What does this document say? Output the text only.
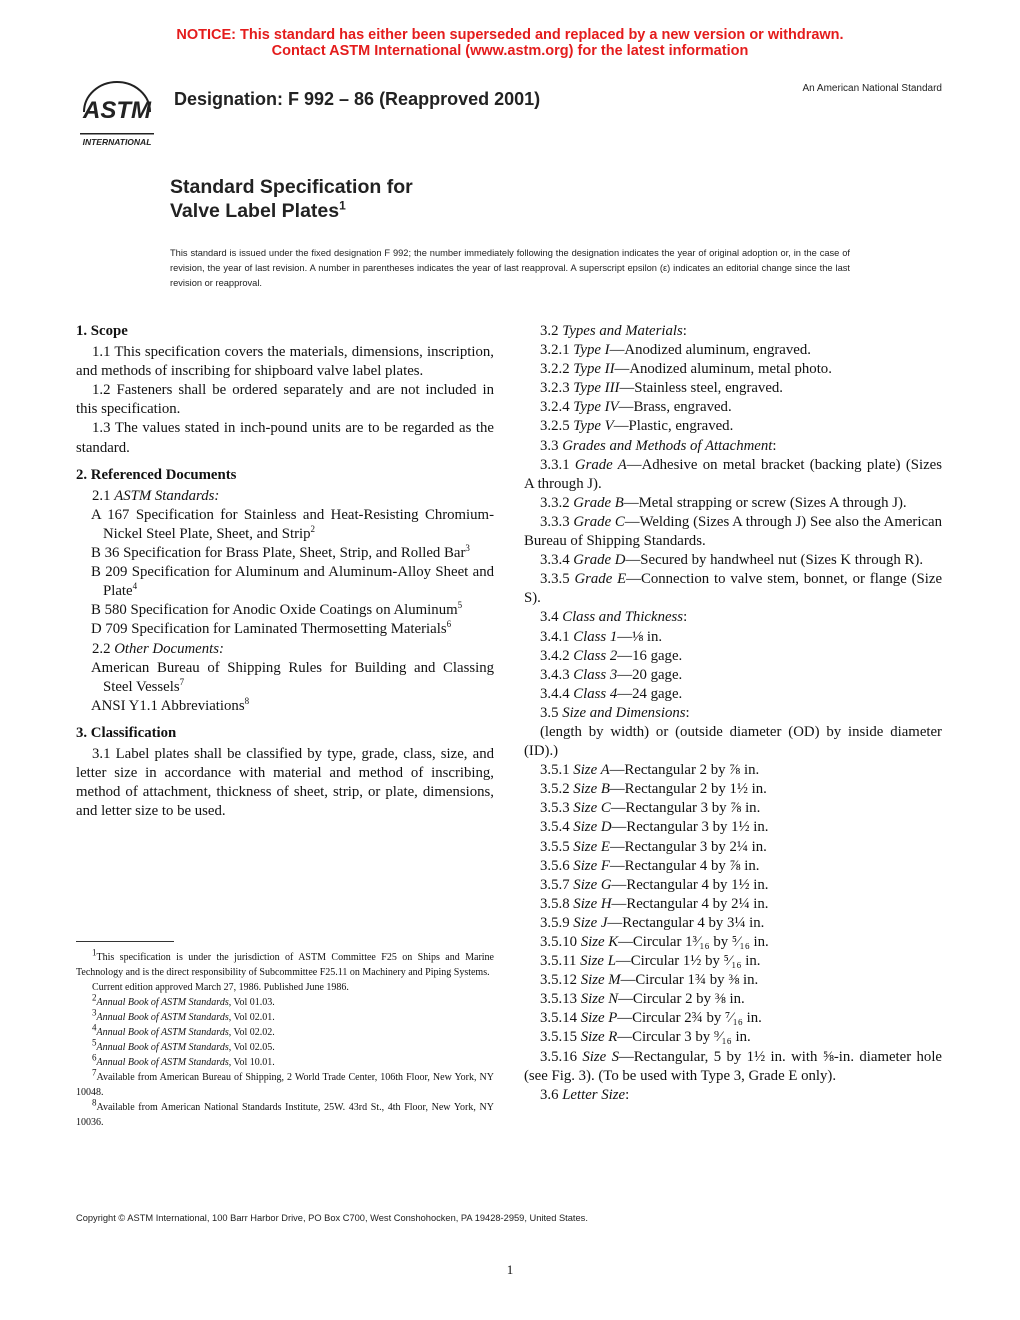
NOTICE: This standard has either been superseded and replaced by a new version or withdrawn.
Contact ASTM International (www.astm.org) for the latest information
ASTM
INTERNATIONAL
Designation: F 992 – 86 (Reapproved 2001)
An American National Standard
Standard Specification for
Valve Label Plates$^1$
This standard is issued under the fixed designation F 992; the number immediately following the designation indicates the year of original adoption or, in the case of revision, the year of last revision. A number in parentheses indicates the year of last reapproval. A superscript epsilon (ε) indicates an editorial change since the last revision or reapproval.

1. Scope

1.1 This specification covers the materials, dimensions, inscription, and methods of inscribing for shipboard valve label plates.

1.2 Fasteners shall be ordered separately and are not included in this specification.

1.3 The values stated in inch-pound units are to be regarded as the standard.

2. Referenced Documents

2.1 ASTM Standards:

A 167 Specification for Stainless and Heat-Resisting Chromium-Nickel Steel Plate, Sheet, and Strip$^2$

B 36 Specification for Brass Plate, Sheet, Strip, and Rolled Bar$^3$

B 209 Specification for Aluminum and Aluminum-Alloy Sheet and Plate$^4$

B 580 Specification for Anodic Oxide Coatings on Aluminum$^5$

D 709 Specification for Laminated Thermosetting Materials$^6$

2.2 Other Documents:

American Bureau of Shipping Rules for Building and Classing Steel Vessels$^7$

ANSI Y1.1 Abbreviations$^8$

3. Classification

3.1 Label plates shall be classified by type, grade, class, size, and letter size in accordance with material and method of inscribing, method of attachment, thickness of sheet, strip, or plate, dimensions, and letter size to be used.

$^1$This specification is under the jurisdiction of ASTM Committee F25 on Ships and Marine Technology and is the direct responsibility of Subcommittee F25.11 on Machinery and Piping Systems.

Current edition approved March 27, 1986. Published June 1986.

$^2$Annual Book of ASTM Standards, Vol 01.03.

$^3$Annual Book of ASTM Standards, Vol 02.01.

$^4$Annual Book of ASTM Standards, Vol 02.02.

$^5$Annual Book of ASTM Standards, Vol 02.05.

$^6$Annual Book of ASTM Standards, Vol 10.01.

$^7$Available from American Bureau of Shipping, 2 World Trade Center, 106th Floor, New York, NY 10048.

$^8$Available from American National Standards Institute, 25W. 43rd St., 4th Floor, New York, NY 10036.

3.2 Types and Materials:

3.2.1 Type I—Anodized aluminum, engraved.

3.2.2 Type II—Anodized aluminum, metal photo.

3.2.3 Type III—Stainless steel, engraved.

3.2.4 Type IV—Brass, engraved.

3.2.5 Type V—Plastic, engraved.

3.3 Grades and Methods of Attachment:

3.3.1 Grade A—Adhesive on metal bracket (backing plate) (Sizes A through J).

3.3.2 Grade B—Metal strapping or screw (Sizes A through J).

3.3.3 Grade C—Welding (Sizes A through J) See also the American Bureau of Shipping Standards.

3.3.4 Grade D—Secured by handwheel nut (Sizes K through R).

3.3.5 Grade E—Connection to valve stem, bonnet, or flange (Size S).

3.4 Class and Thickness:

3.4.1 Class 1—⅛ in.

3.4.2 Class 2—16 gage.

3.4.3 Class 3—20 gage.

3.4.4 Class 4—24 gage.

3.5 Size and Dimensions:

(length by width) or (outside diameter (OD) by inside diameter (ID).)

3.5.1 Size A—Rectangular 2 by ⅞ in.

3.5.2 Size B—Rectangular 2 by 1½ in.

3.5.3 Size C—Rectangular 3 by ⅞ in.

3.5.4 Size D—Rectangular 3 by 1½ in.

3.5.5 Size E—Rectangular 3 by 2¼ in.

3.5.6 Size F—Rectangular 4 by ⅞ in.

3.5.7 Size G—Rectangular 4 by 1½ in.

3.5.8 Size H—Rectangular 4 by 2¼ in.

3.5.9 Size J—Rectangular 4 by 3¼ in.

3.5.10 Size K—Circular 1³⁄₁₆ by ⁵⁄₁₆ in.

3.5.11 Size L—Circular 1½ by ⁵⁄₁₆ in.

3.5.12 Size M—Circular 1¾ by ⅜ in.

3.5.13 Size N—Circular 2 by ⅜ in.

3.5.14 Size P—Circular 2¾ by ⁷⁄₁₆ in.

3.5.15 Size R—Circular 3 by ⁹⁄₁₆ in.

3.5.16 Size S—Rectangular, 5 by 1½ in. with ⅝-in. diameter hole (see Fig. 3). (To be used with Type 3, Grade E only).

3.6 Letter Size:

Copyright © ASTM International, 100 Barr Harbor Drive, PO Box C700, West Conshohocken, PA 19428-2959, United States.
1
